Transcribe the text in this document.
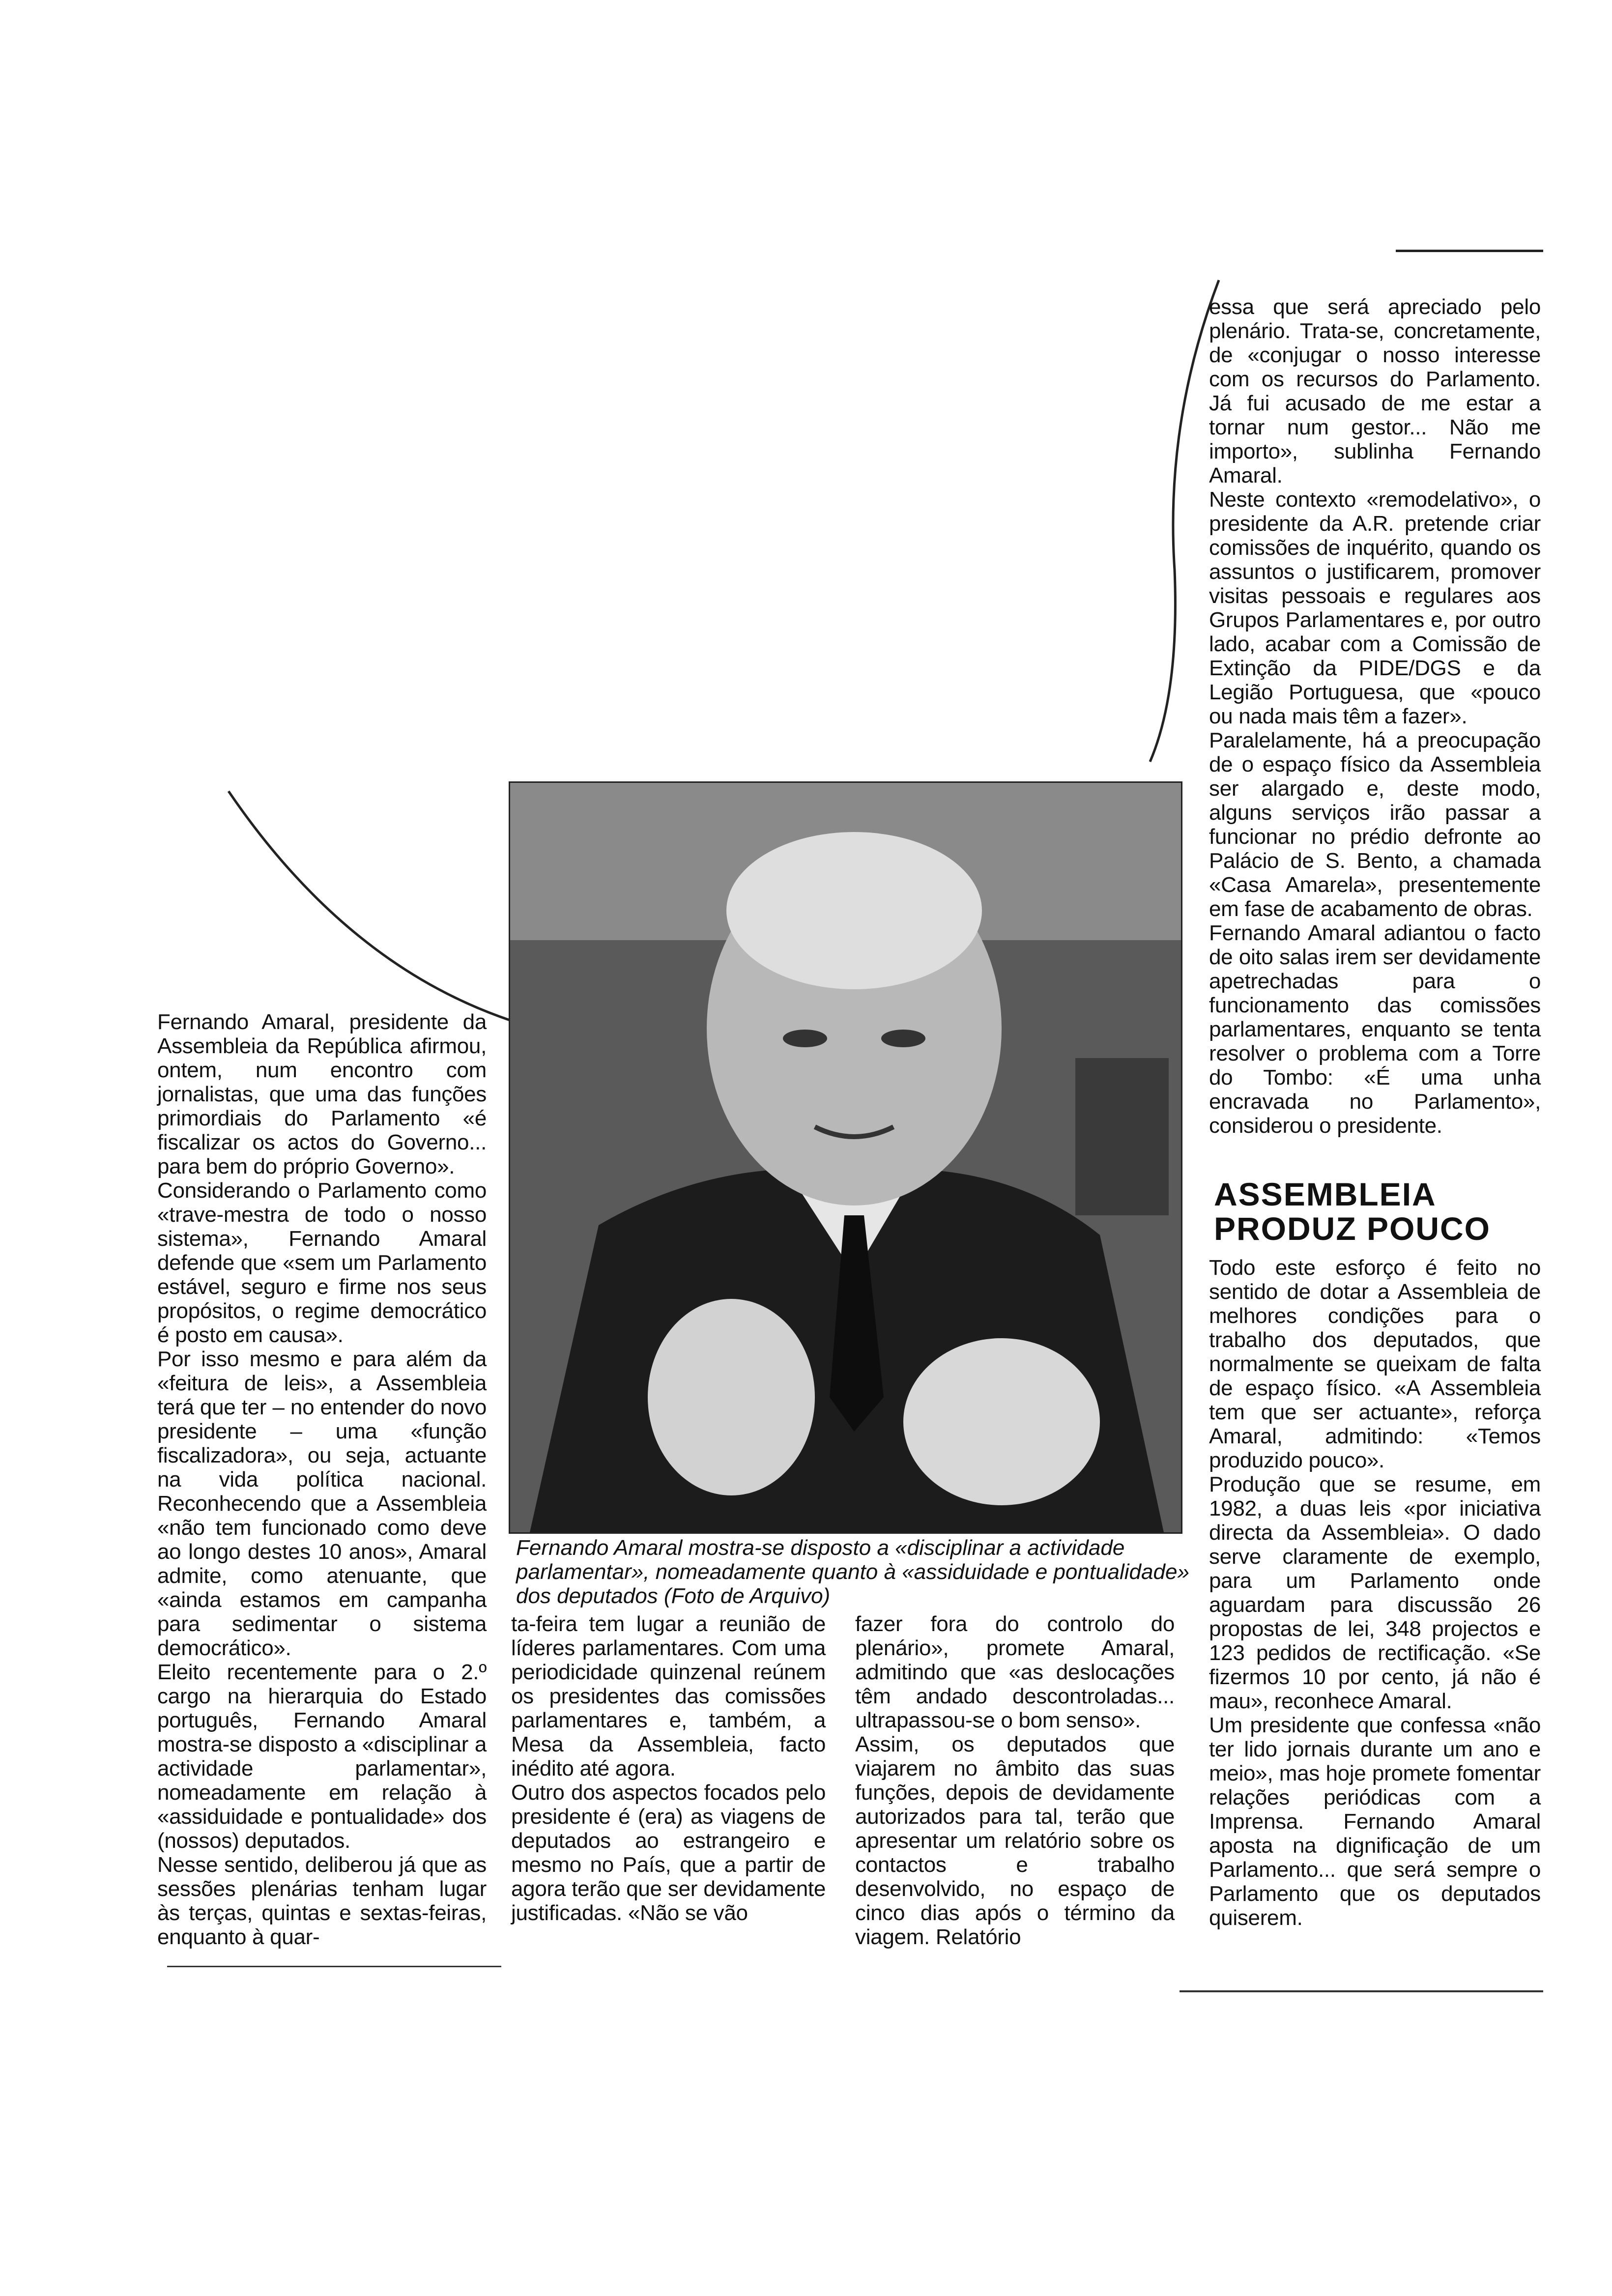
essa que será apreciado pelo plenário. Trata-se, concretamente, de «conjugar o nosso interesse com os recursos do Parlamento. Já fui acusado de me estar a tornar num gestor... Não me importo», sublinha Fernando Amaral.
Neste contexto «remodelativo», o presidente da A.R. pretende criar comissões de inquérito, quando os assuntos o justificarem, promover visitas pessoais e regulares aos Grupos Parlamentares e, por outro lado, acabar com a Comissão de Extinção da PIDE/DGS e da Legião Portuguesa, que «pouco ou nada mais têm a fazer».
Paralelamente, há a preocupação de o espaço físico da Assembleia ser alargado e, deste modo, alguns serviços irão passar a funcionar no prédio defronte ao Palácio de S. Bento, a chamada «Casa Amarela», presentemente em fase de acabamento de obras.
Fernando Amaral adiantou o facto de oito salas irem ser devidamente apetrechadas para o funcionamento das comissões parlamentares, enquanto se tenta resolver o problema com a Torre do Tombo: «É uma unha encravada no Parlamento», considerou o presidente.
ASSEMBLEIA
PRODUZ POUCO
Todo este esforço é feito no sentido de dotar a Assembleia de melhores condições para o trabalho dos deputados, que normalmente se queixam de falta de espaço físico. «A Assembleia tem que ser actuante», reforça Amaral, admitindo: «Temos produzido pouco».
Produção que se resume, em 1982, a duas leis «por iniciativa directa da Assembleia». O dado serve claramente de exemplo, para um Parlamento onde aguardam para discussão 26 propostas de lei, 348 projectos e 123 pedidos de rectificação. «Se fizermos 10 por cento, já não é mau», reconhece Amaral.
Um presidente que confessa «não ter lido jornais durante um ano e meio», mas hoje promete fomentar relações periódicas com a Imprensa. Fernando Amaral aposta na dignificação de um Parlamento... que será sempre o Parlamento que os deputados quiserem.
Fernando Amaral, presidente da Assembleia da República afirmou, ontem, num encontro com jornalistas, que uma das funções primordiais do Parlamento «é fiscalizar os actos do Governo... para bem do próprio Governo».
Considerando o Parlamento como «trave-mestra de todo o nosso sistema», Fernando Amaral defende que «sem um Parlamento estável, seguro e firme nos seus propósitos, o regime democrático é posto em causa».
Por isso mesmo e para além da «feitura de leis», a Assembleia terá que ter – no entender do novo presidente – uma «função fiscalizadora», ou seja, actuante na vida política nacional. Reconhecendo que a Assembleia «não tem funcionado como deve ao longo destes 10 anos», Amaral admite, como atenuante, que «ainda estamos em campanha para sedimentar o sistema democrático».
Eleito recentemente para o 2.º cargo na hierarquia do Estado português, Fernando Amaral mostra-se disposto a «disciplinar a actividade parlamentar», nomeadamente em relação à «assiduidade e pontualidade» dos (nossos) deputados.
Nesse sentido, deliberou já que as sessões plenárias tenham lugar às terças, quintas e sextas-feiras, enquanto à quar-
ta-feira tem lugar a reunião de líderes parlamentares. Com uma periodicidade quinzenal reúnem os presidentes das comissões parlamentares e, também, a Mesa da Assembleia, facto inédito até agora.
Outro dos aspectos focados pelo presidente é (era) as viagens de deputados ao estrangeiro e mesmo no País, que a partir de agora terão que ser devidamente justificadas. «Não se vão
fazer fora do controlo do plenário», promete Amaral, admitindo que «as deslocações têm andado descontroladas... ultrapassou-se o bom senso».
Assim, os deputados que viajarem no âmbito das suas funções, depois de devidamente autorizados para tal, terão que apresentar um relatório sobre os contactos e trabalho desenvolvido, no espaço de cinco dias após o término da viagem. Relatório
Fernando Amaral mostra-se disposto a «disciplinar a actividade parlamentar», nomeadamente quanto à «assiduidade e pontualidade» dos deputados (Foto de Arquivo)
